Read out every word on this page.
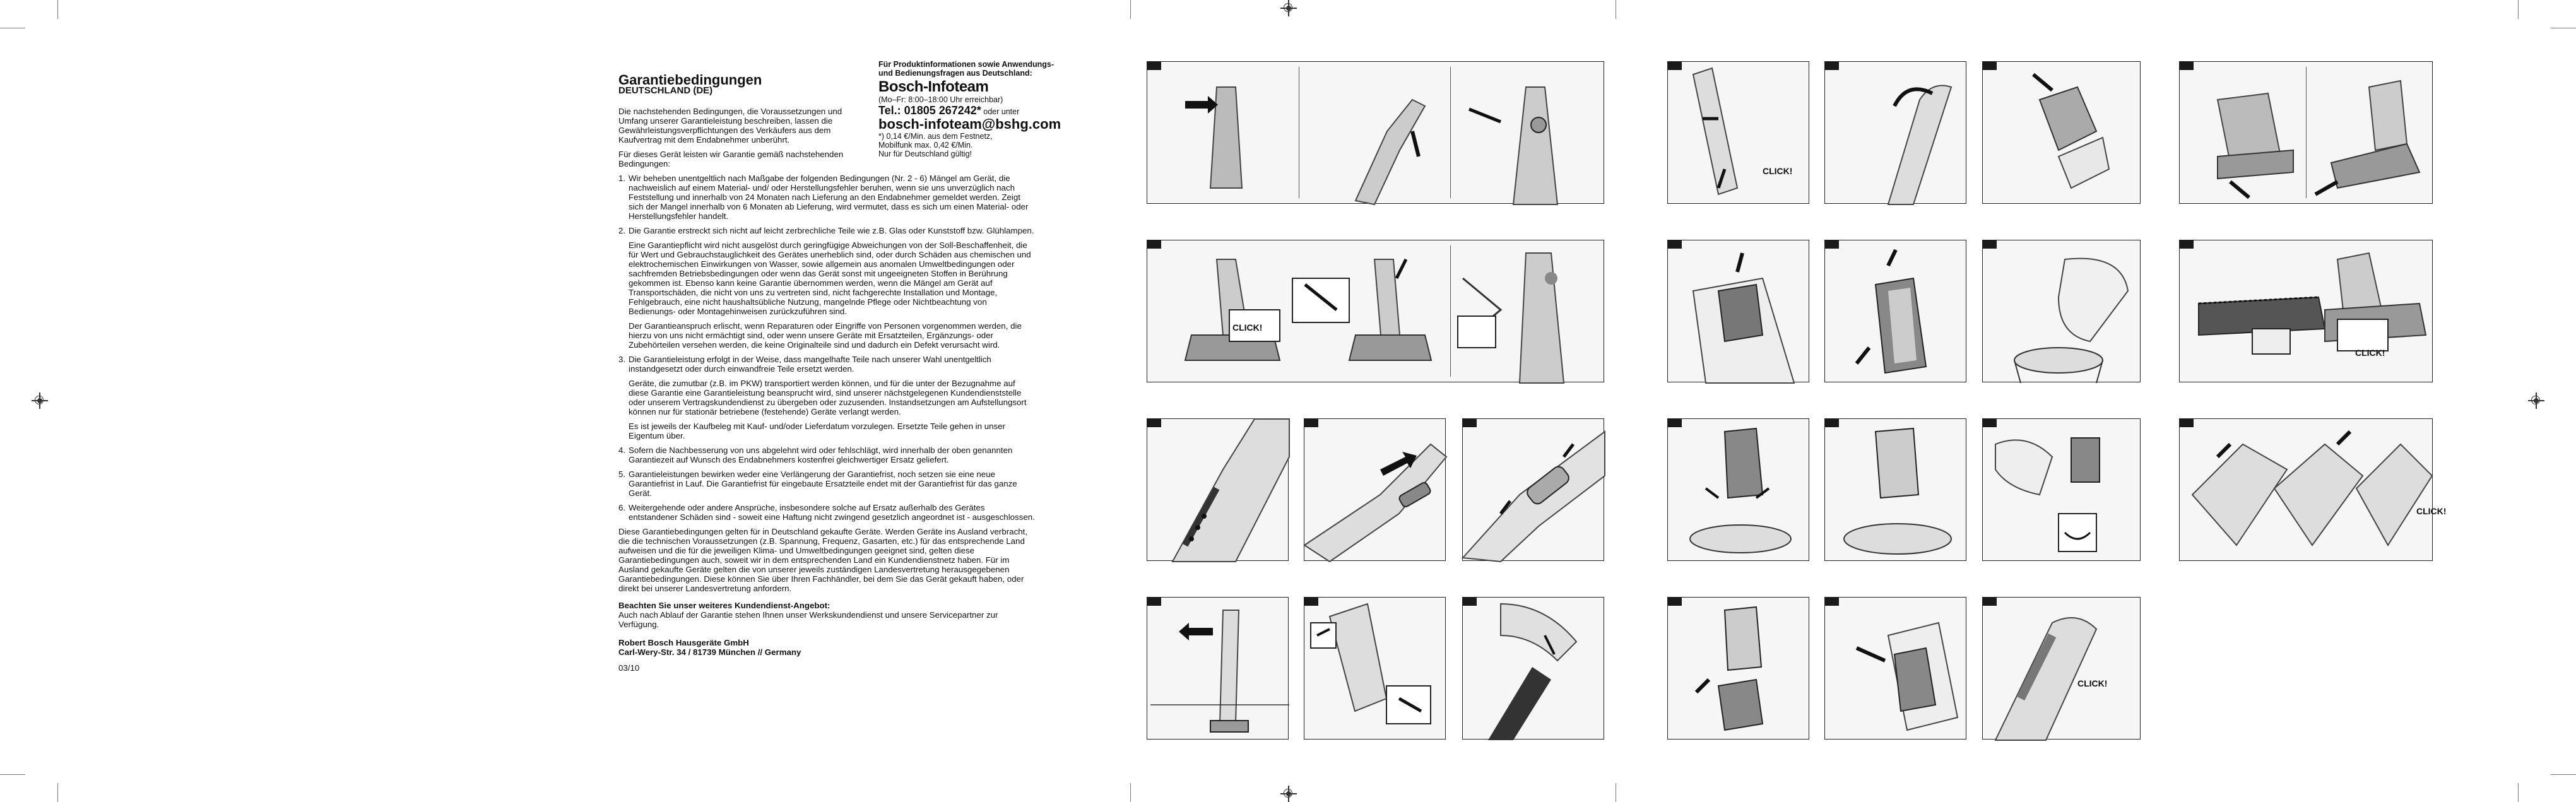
Garantiebedingungen
DEUTSCHLAND (DE)

Die nachstehenden Bedingungen, die Voraussetzungen und Umfang unserer Garantieleistung beschreiben, lassen die Gewährleistungsverpflichtungen des Verkäufers aus dem Kaufvertrag mit dem Endabnehmer unberührt.

Für dieses Gerät leisten wir Garantie gemäß nachstehenden Bedingungen:

1. Wir beheben unentgeltlich nach Maßgabe der folgenden Bedingungen (Nr. 2 - 6) Mängel am Gerät, die nachweislich auf einem Material- und/ oder Herstellungsfehler beruhen, wenn sie uns unverzüglich nach Feststellung und innerhalb von 24 Monaten nach Lieferung an den Endabnehmer gemeldet werden. Zeigt sich der Mangel innerhalb von 6 Monaten ab Lieferung, wird vermutet, dass es sich um einen Material- oder Herstellungsfehler handelt.
2. Die Garantie erstreckt sich nicht auf leicht zerbrechliche Teile wie z.B. Glas oder Kunststoff bzw. Glühlampen.
Eine Garantiepflicht wird nicht ausgelöst durch geringfügige Abweichungen von der Soll-Beschaffenheit, die für Wert und Gebrauchstauglichkeit des Gerätes unerheblich sind, oder durch Schäden aus chemischen und elektrochemischen Einwirkungen von Wasser, sowie allgemein aus anomalen Umweltbedingungen oder sachfremden Betriebsbedingungen oder wenn das Gerät sonst mit ungeeigneten Stoffen in Berührung gekommen ist. Ebenso kann keine Garantie übernommen werden, wenn die Mängel am Gerät auf Transportschäden, die nicht von uns zu vertreten sind, nicht fachgerechte Installation und Montage, Fehlgebrauch, eine nicht haushaltsübliche Nutzung, mangelnde Pflege oder Nichtbeachtung von Bedienungs- oder Montagehinweisen zurückzuführen sind.
Der Garantieanspruch erlischt, wenn Reparaturen oder Eingriffe von Personen vorgenommen werden, die hierzu von uns nicht ermächtigt sind, oder wenn unsere Geräte mit Ersatzteilen, Ergänzungs- oder Zubehörteilen versehen werden, die keine Originalteile sind und dadurch ein Defekt verursacht wird.
3. Die Garantieleistung erfolgt in der Weise, dass mangelhafte Teile nach unserer Wahl unentgeltlich instandgesetzt oder durch einwandfreie Teile ersetzt werden.
Geräte, die zumutbar (z.B. im PKW) transportiert werden können, und für die unter der Bezugnahme auf diese Garantie eine Garantieleistung beansprucht wird, sind unserer nächstgelegenen Kundendienststelle oder unserem Vertragskundendienst zu übergeben oder zuzusenden. Instandsetzungen am Aufstellungsort können nur für stationär betriebene (festehende) Geräte verlangt werden.
Es ist jeweils der Kaufbeleg mit Kauf- und/oder Lieferdatum vorzulegen. Ersetzte Teile gehen in unser Eigentum über.
4. Sofern die Nachbesserung von uns abgelehnt wird oder fehlschlägt, wird innerhalb der oben genannten Garantiezeit auf Wunsch des Endabnehmers kostenfrei gleichwertiger Ersatz geliefert.
5. Garantieleistungen bewirken weder eine Verlängerung der Garantiefrist, noch setzen sie eine neue Garantiefrist in Lauf. Die Garantiefrist für eingebaute Ersatzteile endet mit der Garantiefrist für das ganze Gerät.
6. Weitergehende oder andere Ansprüche, insbesondere solche auf Ersatz außerhalb des Gerätes entstandener Schäden sind - soweit eine Haftung nicht zwingend gesetzlich angeordnet ist - ausgeschlossen.

Diese Garantiebedingungen gelten für in Deutschland gekaufte Geräte. Werden Geräte ins Ausland verbracht, die die technischen Voraussetzungen (z.B. Spannung, Frequenz, Gasarten, etc.) für das entsprechende Land aufweisen und die für die jeweiligen Klima- und Umweltbedingungen geeignet sind, gelten diese Garantiebedingungen auch, soweit wir in dem entsprechenden Land ein Kundendienstnetz haben. Für im Ausland gekaufte Geräte gelten die von unserer jeweils zuständigen Landesvertretung herausgegebenen Garantiebedingungen. Diese können Sie über Ihren Fachhändler, bei dem Sie das Gerät gekauft haben, oder direkt bei unserer Landesvertretung anfordern.

Beachten Sie unser weiteres Kundendienst-Angebot:

Auch nach Ablauf der Garantie stehen Ihnen unser Werkskundendienst und unsere Servicepartner zur Verfügung.

Robert Bosch Hausgeräte GmbH

Carl-Wery-Str. 34 / 81739 München // Germany

03/10

Für Produktinformationen sowie Anwendungs- und Bedienungsfragen aus Deutschland:
Bosch-Infoteam
(Mo–Fr: 8:00–18:00 Uhr erreichbar)
Tel.: 01805 267242* oder unter
bosch-infoteam@bshg.com
*) 0,14 €/Min. aus dem Festnetz,
Mobilfunk max. 0,42 €/Min.
Nur für Deutschland gültig!
CLICK!
CLICK!
CLICK!
CLICK!
CLICK!
